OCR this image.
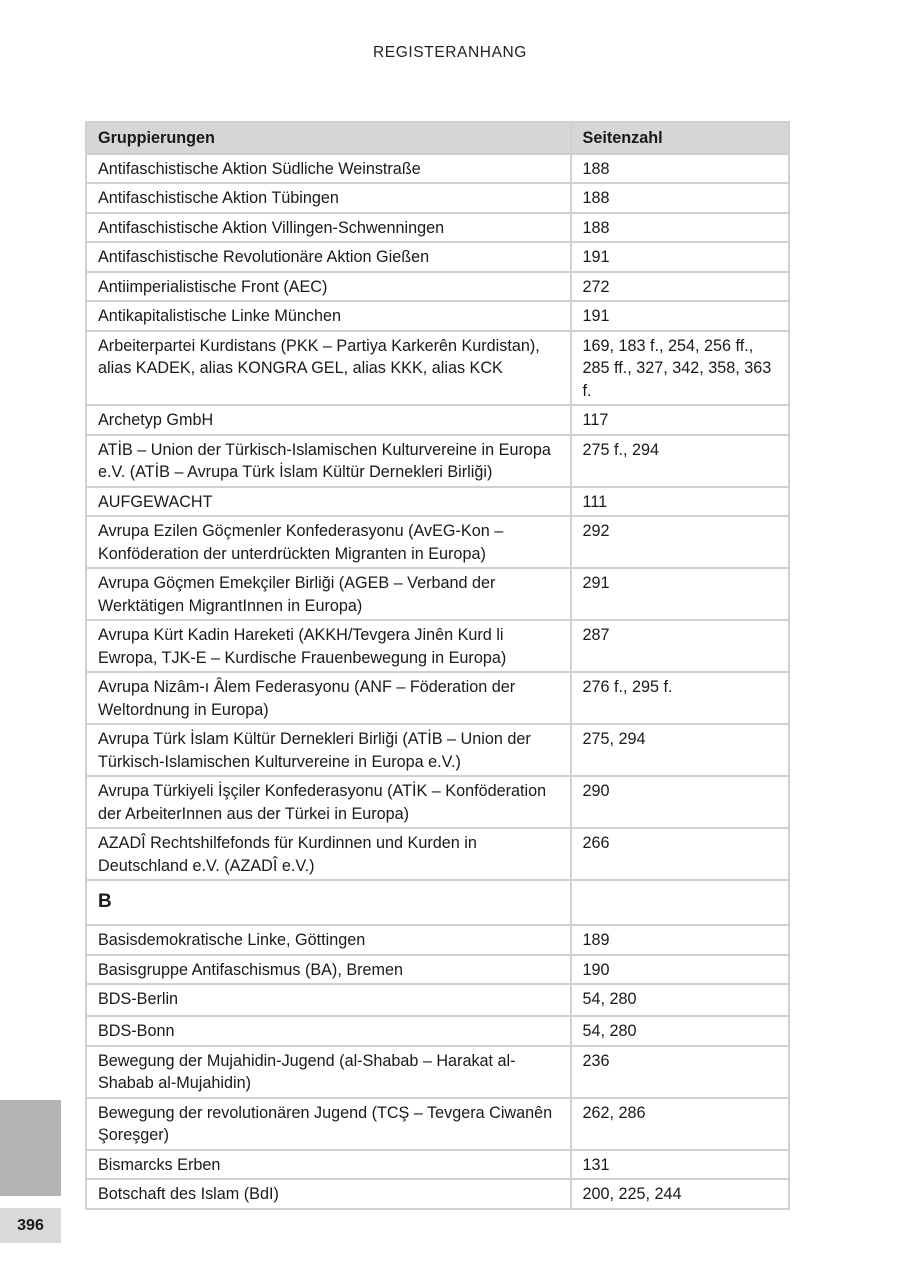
REGISTERANHANG
Gruppierungen	Seitenzahl
Antifaschistische Aktion Südliche Weinstraße	188
Antifaschistische Aktion Tübingen	188
Antifaschistische Aktion Villingen-Schwenningen	188
Antifaschistische Revolutionäre Aktion Gießen	191
Antiimperialistische Front (AEC)	272
Antikapitalistische Linke München	191
Arbeiterpartei Kurdistans (PKK – Partiya Karkerên Kurdistan), alias KADEK, alias KONGRA GEL, alias KKK, alias KCK	169, 183 f., 254, 256 ff., 285 ff., 327, 342, 358, 363 f.
Archetyp GmbH	117
ATİB – Union der Türkisch-Islamischen Kulturvereine in Europa e.V. (ATİB – Avrupa Türk İslam Kültür Dernekleri Birliği)	275 f., 294
AUFGEWACHT	111
Avrupa Ezilen Göçmenler Konfederasyonu (AvEG-Kon – Konföderation der unterdrückten Migranten in Europa)	292
Avrupa Göçmen Emekçiler Birliği (AGEB – Verband der Werktätigen MigrantInnen in Europa)	291
Avrupa Kürt Kadin Hareketi (AKKH/Tevgera Jinên Kurd li Ewropa, TJK-E – Kurdische Frauenbewegung in Europa)	287
Avrupa Nizâm-ı Âlem Federasyonu (ANF – Föderation der Weltordnung in Europa)	276 f., 295 f.
Avrupa Türk İslam Kültür Dernekleri Birliği (ATİB – Union der Türkisch-Islamischen Kulturvereine in Europa e.V.)	275, 294
Avrupa Türkiyeli İşçiler Konfederasyonu (ATİK – Konföderation der ArbeiterInnen aus der Türkei in Europa)	290
AZADÎ Rechtshilfefonds für Kurdinnen und Kurden in Deutschland e.V. (AZADÎ e.V.)	266
B	
Basisdemokratische Linke, Göttingen	189
Basisgruppe Antifaschismus (BA), Bremen	190
BDS-Berlin	54, 280
BDS-Bonn	54, 280
Bewegung der Mujahidin-Jugend (al-Shabab – Harakat al-Shabab al-Mujahidin)	236
Bewegung der revolutionären Jugend (TCŞ – Tevgera Ciwanên Şoreşger)	262, 286
Bismarcks Erben	131
Botschaft des Islam (BdI)	200, 225, 244
396
